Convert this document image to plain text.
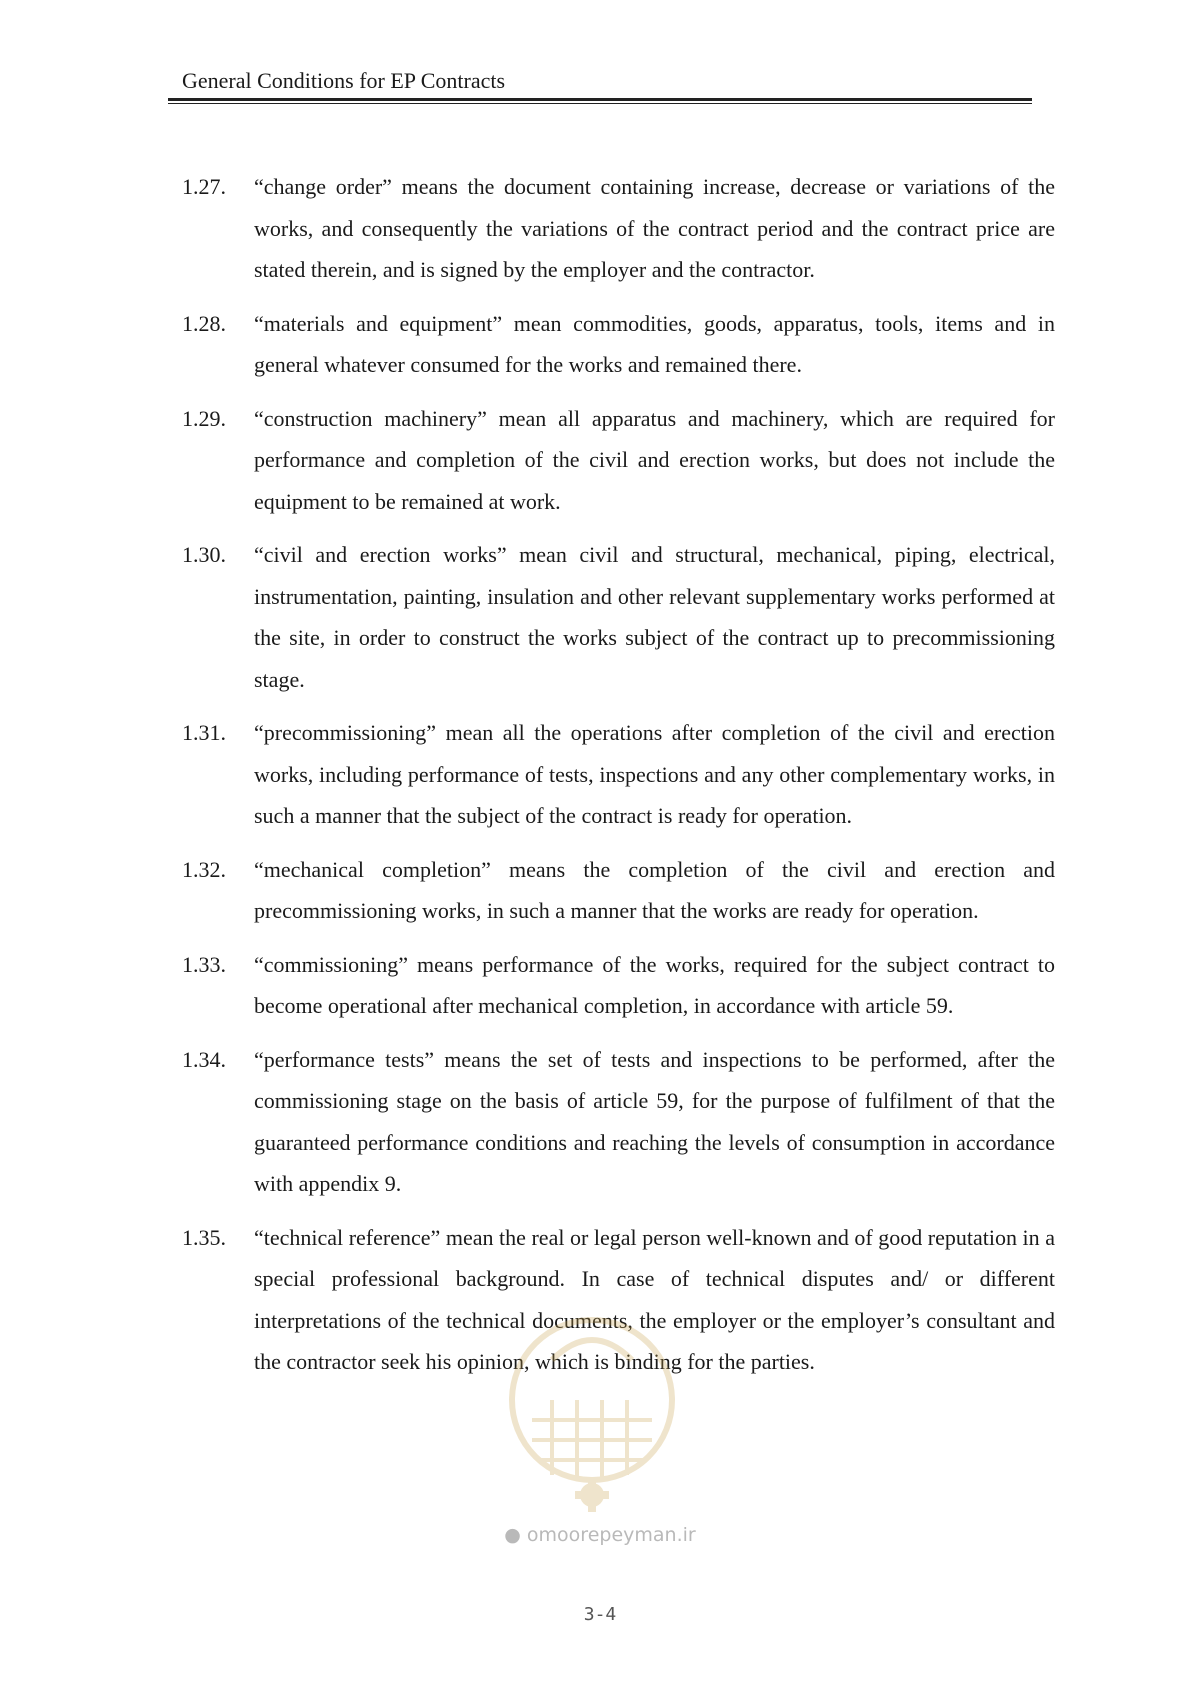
General Conditions for EP Contracts
1.27.	“change order” means the document containing increase, decrease or variations of the works, and consequently the variations of the contract period and the contract price are stated therein, and is signed by the employer and the contractor.
1.28.	“materials and equipment” mean commodities, goods, apparatus, tools, items and in general whatever consumed for the works and remained there.
1.29.	“construction machinery” mean all apparatus and machinery, which are required for performance and completion of the civil and erection works, but does not include the equipment to be remained at work.
1.30.	“civil and erection works” mean civil and structural, mechanical, piping, electrical, instrumentation, painting, insulation and other relevant supplementary works performed at the site, in order to construct the works subject of the contract up to precommissioning stage.
1.31.	“precommissioning” mean all the operations after completion of the civil and erection works, including performance of tests, inspections and any other complementary works, in such a manner that the subject of the contract is ready for operation.
1.32.	“mechanical completion” means the completion of the civil and erection and precommissioning works, in such a manner that the works are ready for operation.
1.33.	“commissioning” means performance of the works, required for the subject contract to become operational after mechanical completion, in accordance with article 59.
1.34.	“performance tests” means the set of tests and inspections to be performed, after the commissioning stage on the basis of article 59, for the purpose of fulfilment of that the guaranteed performance conditions and reaching the levels of consumption in accordance with appendix 9.
1.35.	“technical reference” mean the real or legal person well-known and of good reputation in a special professional background. In case of technical disputes and/ or different interpretations of the technical documents, the employer or the employer’s consultant and the contractor seek his opinion, which is binding for the parties.
● omoorepeyman.ir
3-4
